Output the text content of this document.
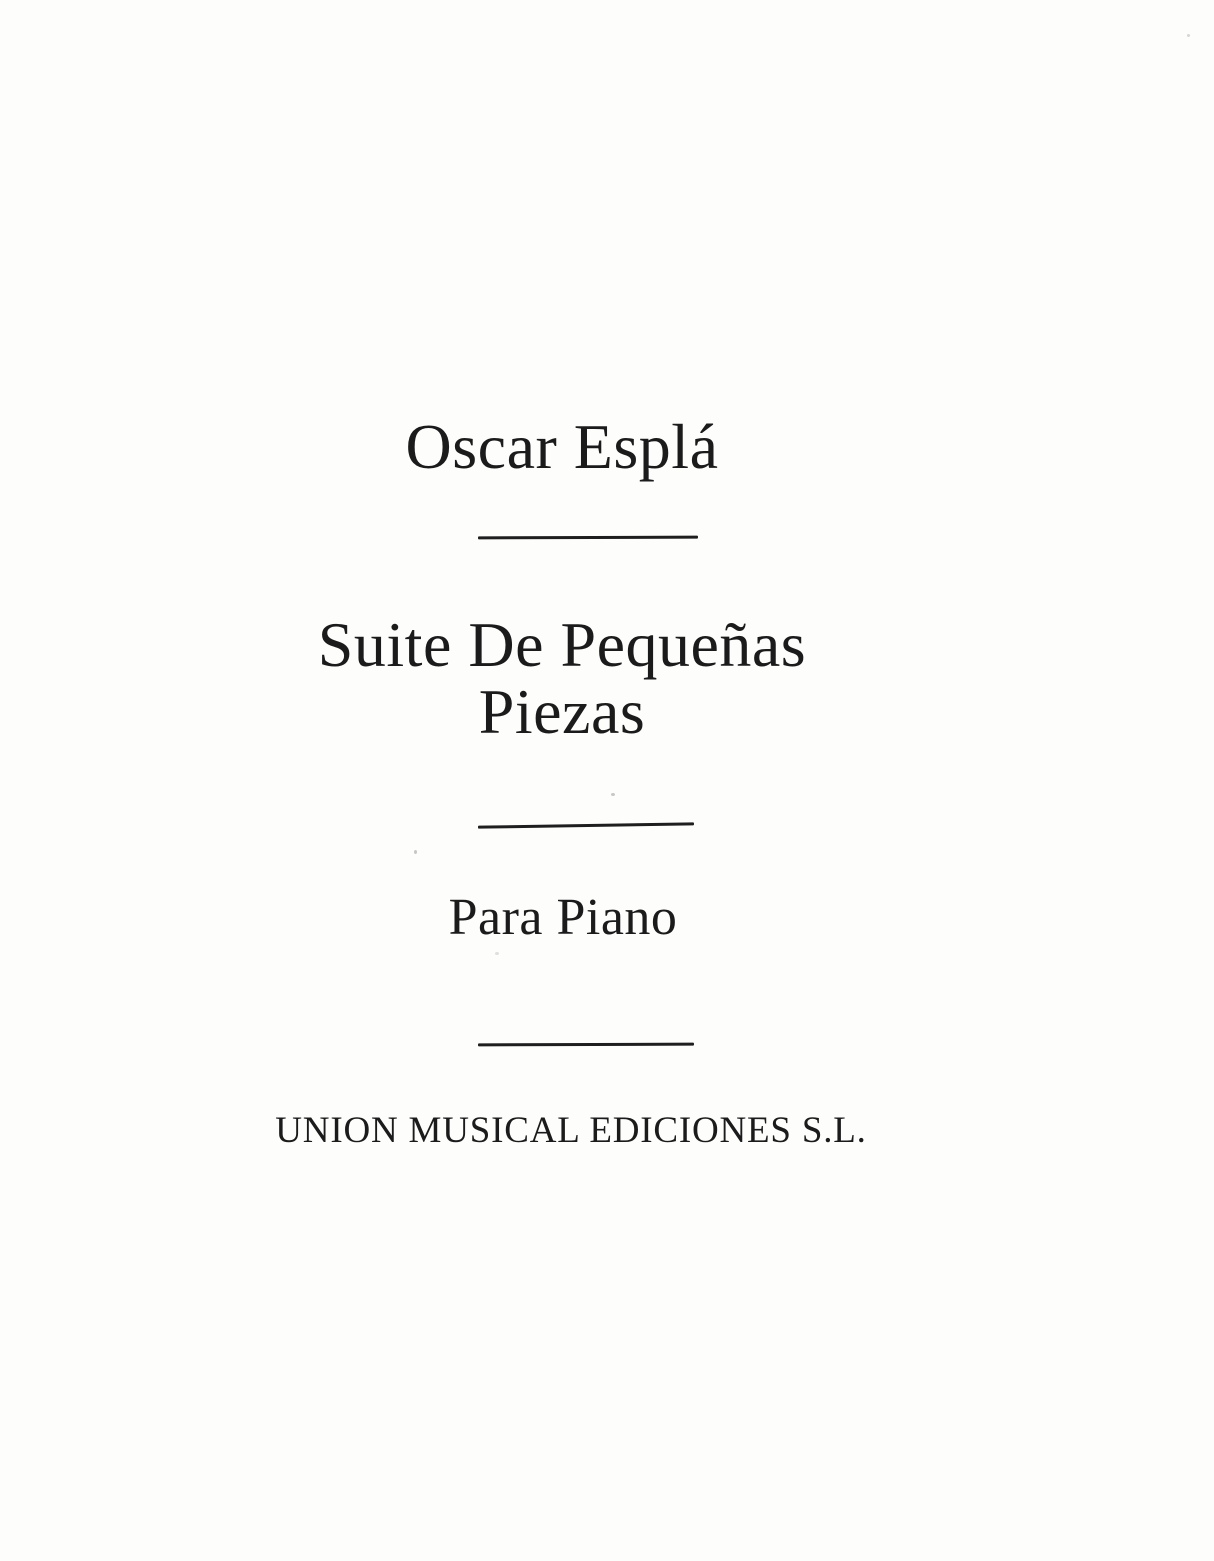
Oscar Esplá
Suite De Pequeñas
Piezas
Para Piano
UNION MUSICAL EDICIONES S.L.
